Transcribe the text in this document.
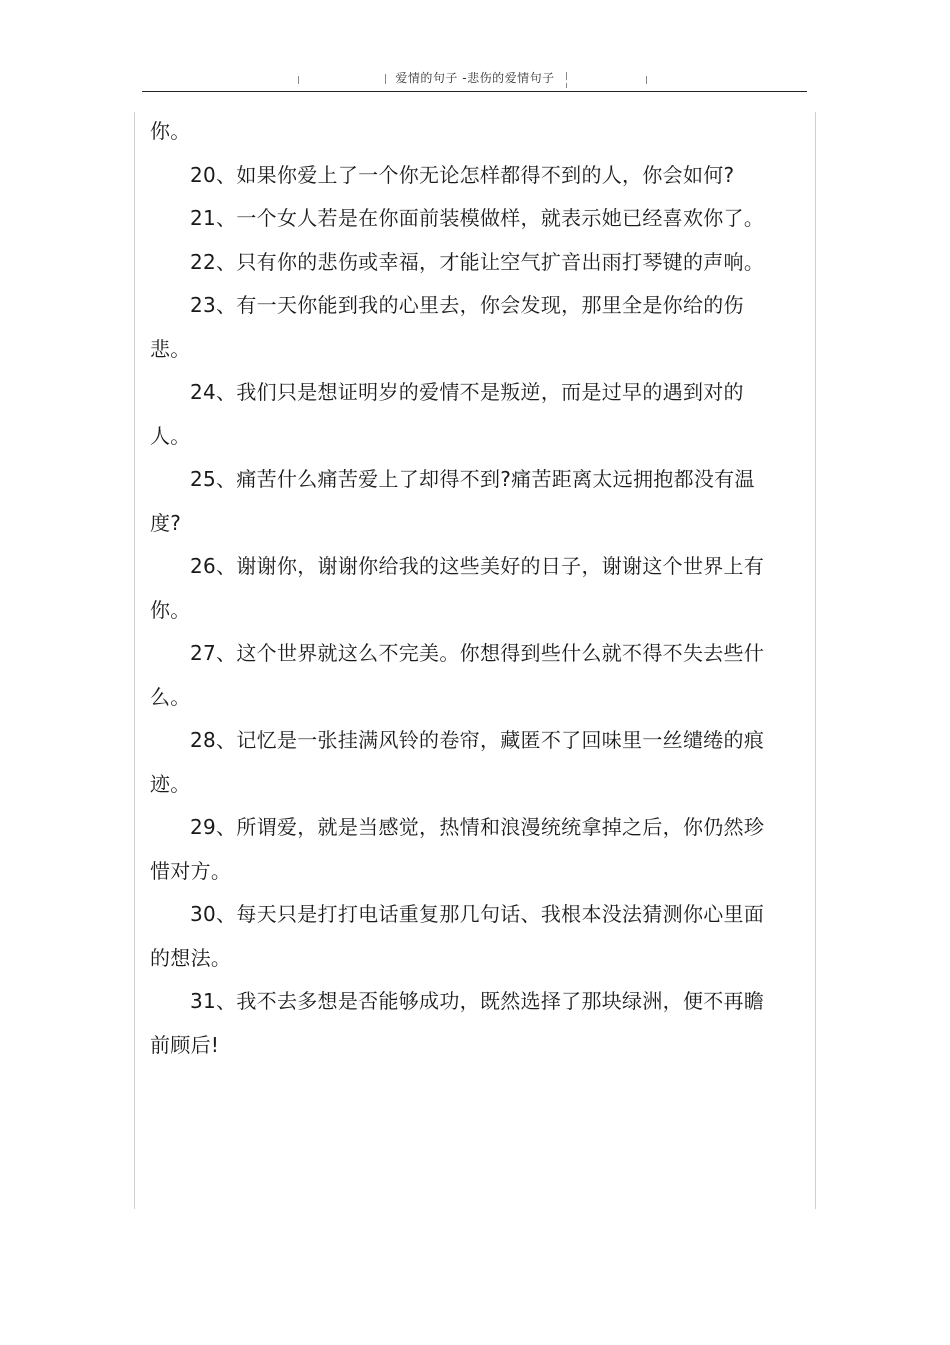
爱情的句子 -悲伤的爱情句子

你。

20、如果你爱上了一个你无论怎样都得不到的人，你会如何?

21、一个女人若是在你面前装模做样，就表示她已经喜欢你了。

22、只有你的悲伤或幸福，才能让空气扩音出雨打琴键的声响。

23、有一天你能到我的心里去，你会发现，那里全是你给的伤悲。

24、我们只是想证明岁的爱情不是叛逆，而是过早的遇到对的人。

25、痛苦什么痛苦爱上了却得不到?痛苦距离太远拥抱都没有温度?

26、谢谢你，谢谢你给我的这些美好的日子，谢谢这个世界上有你。

27、这个世界就这么不完美。你想得到些什么就不得不失去些什么。

28、记忆是一张挂满风铃的卷帘，藏匿不了回味里一丝缱绻的痕迹。

29、所谓爱，就是当感觉，热情和浪漫统统拿掉之后，你仍然珍惜对方。

30、每天只是打打电话重复那几句话、我根本没法猜测你心里面的想法。

31、我不去多想是否能够成功，既然选择了那块绿洲，便不再瞻前顾后!
